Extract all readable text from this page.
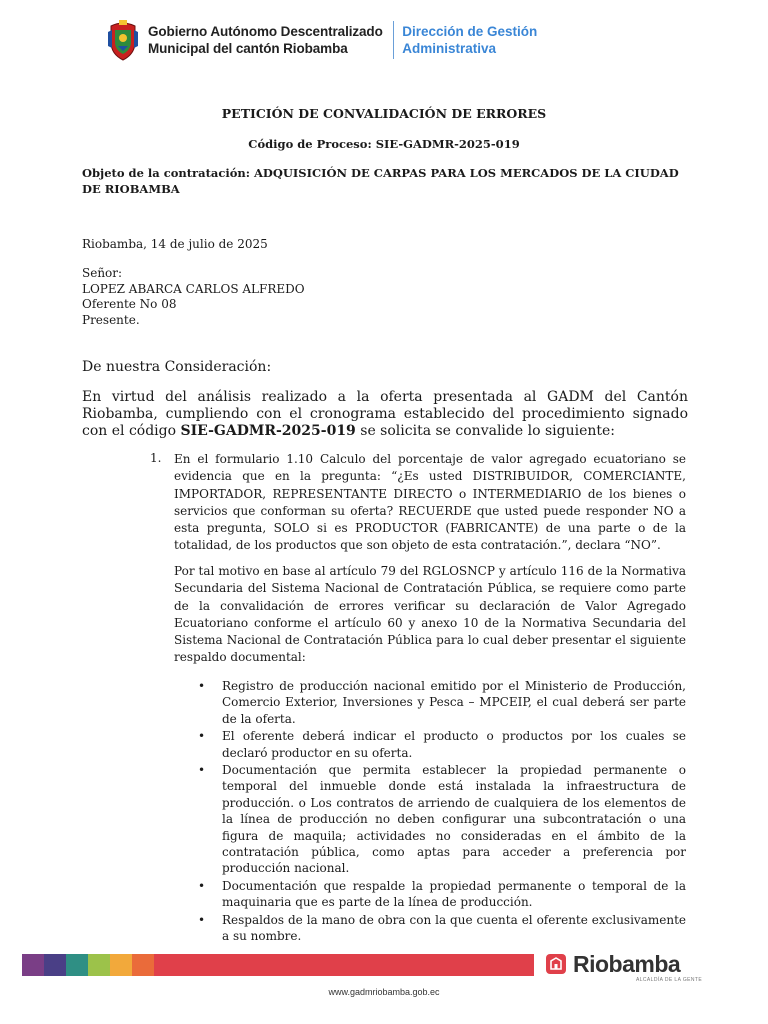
Gobierno Autónomo Descentralizado
Municipal del cantón Riobamba
Dirección de Gestión
Administrativa
PETICIÓN DE CONVALIDACIÓN DE ERRORES
Código de Proceso: SIE-GADMR-2025-019
Objeto de la contratación: ADQUISICIÓN DE CARPAS PARA LOS MERCADOS DE LA CIUDAD DE RIOBAMBA
Riobamba, 14 de julio de 2025
Señor:
LOPEZ ABARCA CARLOS ALFREDO
Oferente No 08
Presente.
De nuestra Consideración:
En virtud del análisis realizado a la oferta presentada al GADM del Cantón Riobamba, cumpliendo con el cronograma establecido del procedimiento signado con el código SIE-GADMR-2025-019 se solicita se convalide lo siguiente:
1. En el formulario 1.10 Calculo del porcentaje de valor agregado ecuatoriano se evidencia que en la pregunta: “¿Es usted DISTRIBUIDOR, COMERCIANTE, IMPORTADOR, REPRESENTANTE DIRECTO o INTERMEDIARIO de los bienes o servicios que conforman su oferta? RECUERDE que usted puede responder NO a esta pregunta, SOLO si es PRODUCTOR (FABRICANTE) de una parte o de la totalidad, de los productos que son objeto de esta contratación.”, declara “NO”.
Por tal motivo en base al artículo 79 del RGLOSNCP y artículo 116 de la Normativa Secundaria del Sistema Nacional de Contratación Pública, se requiere como parte de la convalidación de errores verificar su declaración de Valor Agregado Ecuatoriano conforme el artículo 60 y anexo 10 de la Normativa Secundaria del Sistema Nacional de Contratación Pública para lo cual deber presentar el siguiente respaldo documental:
• Registro de producción nacional emitido por el Ministerio de Producción, Comercio Exterior, Inversiones y Pesca – MPCEIP, el cual deberá ser parte de la oferta.
• El oferente deberá indicar el producto o productos por los cuales se declaró productor en su oferta.
• Documentación que permita establecer la propiedad permanente o temporal del inmueble donde está instalada la infraestructura de producción. o Los contratos de arriendo de cualquiera de los elementos de la línea de producción no deben configurar una subcontratación o una figura de maquila; actividades no consideradas en el ámbito de la contratación pública, como aptas para acceder a preferencia por producción nacional.
• Documentación que respalde la propiedad permanente o temporal de la maquinaria que es parte de la línea de producción.
• Respaldos de la mano de obra con la que cuenta el oferente exclusivamente a su nombre.
Riobamba
ALCALDÍA DE LA GENTE
www.gadmriobamba.gob.ec
